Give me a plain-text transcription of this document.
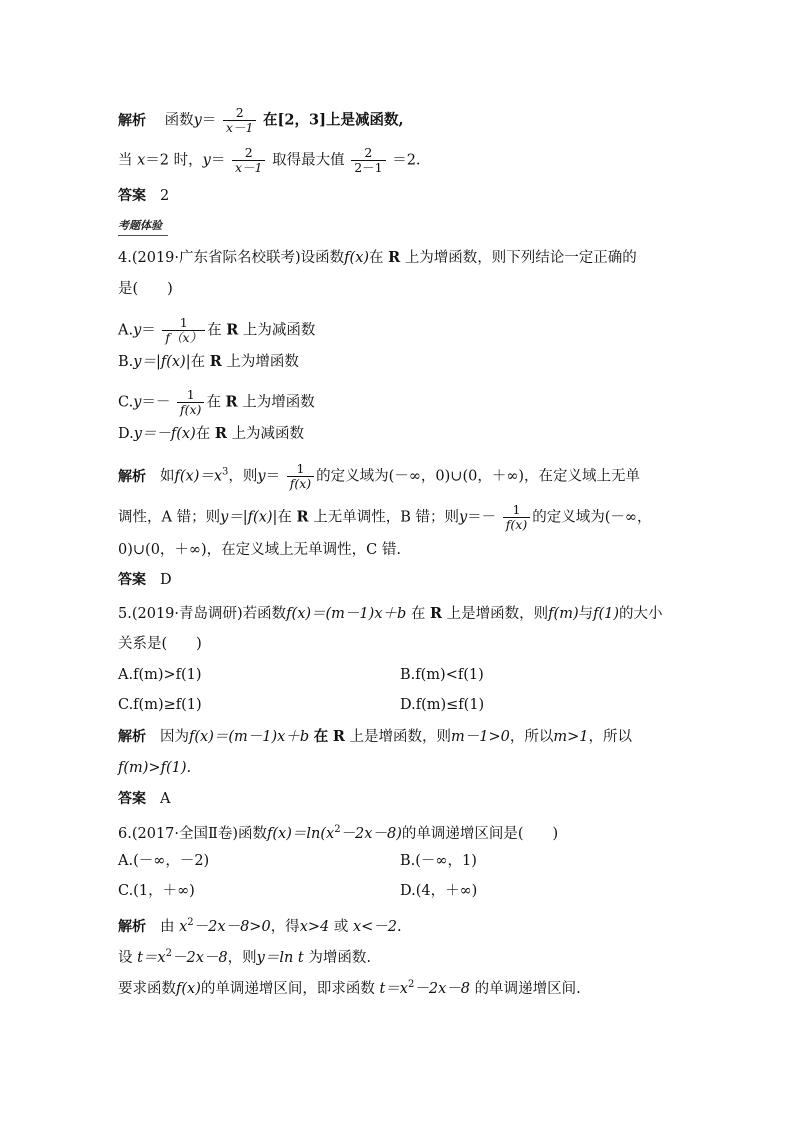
解析 函数$y= \frac{2}{x-1}$ 在[2，3]上是减函数,
当 x＝2 时，$y= \frac{2}{x-1}$ 取得最大值 $\frac{2}{2-1} =2$.
答案 2
考题体验
4.(2019·广东省际名校联考)设函数f(x)在 R 上为增函数，则下列结论一定正确的
是(　　)
$A.y= \frac{1}{f(x)}$ 在 R 上为减函数
B.y＝|f(x)|在 R 上为增函数
$C.y=- \frac{1}{f(x)}$ 在 R 上为增函数
D.y＝－f(x)在 R 上为减函数
解析 如$f(x)=x^3$，则$y= \frac{1}{f(x)}$ 的定义域为(－∞，0)∪(0，＋∞)，在定义域上无单
调性，A 错；则y＝|f(x)|在 R 上无单调性，B 错；则$y=- \frac{1}{f(x)}$ 的定义域为(－∞，
0)∪(0，＋∞)，在定义域上无单调性，C 错.
答案 D
5.(2019·青岛调研)若函数f(x)＝(m－1)x＋b 在 R 上是增函数，则f(m)与f(1)的大小
关系是(　　)
A.f(m)>f(1)	B.f(m)<f(1)
C.f(m)≥f(1)	D.f(m)≤f(1)
解析 因为f(x)＝(m－1)x＋b 在 R 上是增函数，则m－1>0，所以m>1，所以
f(m)>f(1).
答案 A
6.(2017·全国Ⅱ卷)函数$f(x)=\ln(x^2-2x-8)$的单调递增区间是(　　)
A.(－∞，－2)	B.(－∞，1)
C.(1，＋∞)	D.(4，＋∞)
解析 由 $x^2-2x-8>0$，得x>4 或 x<－2.
设 $t=x^2-2x-8$，则y＝ln t 为增函数.
要求函数f(x)的单调递增区间，即求函数 $t=x^2-2x-8$ 的单调递增区间.
